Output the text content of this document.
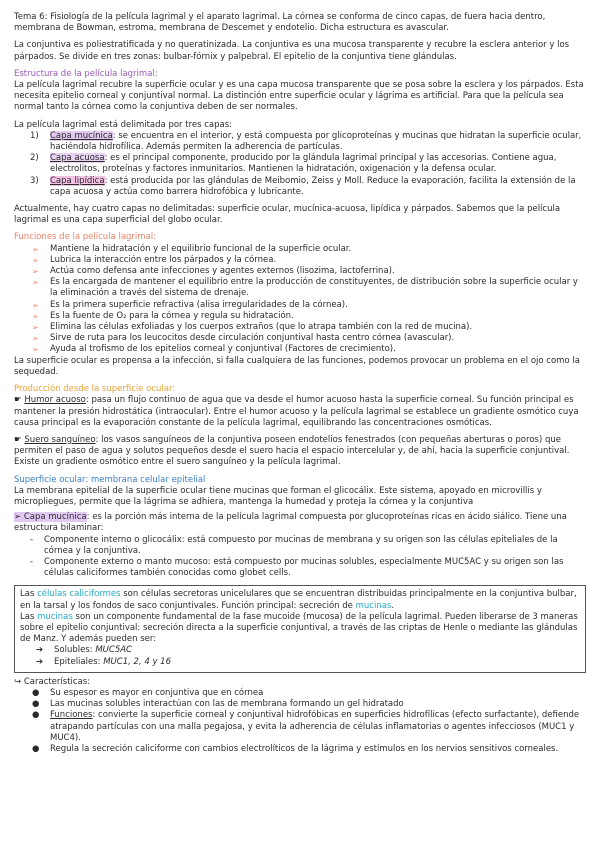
Tema 6: Fisiología de la película lagrimal y el aparato lagrimal. La córnea se conforma de cinco capas, de fuera hacia dentro, membrana de Bowman, estroma, membrana de Descemet y endotelio. Dicha estructura es avascular.

La conjuntiva es poliestratificada y no queratinizada. La conjuntiva es una mucosa transparente y recubre la esclera anterior y los párpados. Se divide en tres zonas: bulbar-fórnix y palpebral. El epitelio de la conjuntiva tiene glándulas.

Estructura de la película lagrimal:

La película lagrimal recubre la superficie ocular y es una capa mucosa transparente que se posa sobre la esclera y los párpados. Esta necesita epitelio corneal y conjuntival normal. La distinción entre superficie ocular y lágrima es artificial. Para que la película sea normal tanto la córnea como la conjuntiva deben de ser normales.

La película lagrimal está delimitada por tres capas:
1) Capa mucínica: se encuentra en el interior, y está compuesta por glicoproteínas y mucinas que hidratan la superficie ocular, haciéndola hidrofílica. Además permiten la adherencia de partículas.
2) Capa acuosa: es el principal componente, producido por la glándula lagrimal principal y las accesorias. Contiene agua, electrolitos, proteínas y factores inmunitarios. Mantienen la hidratación, oxigenación y la defensa ocular.
3) Capa lipídica: está producida por las glándulas de Meibomio, Zeiss y Moll. Reduce la evaporación, facilita la extensión de la capa acuosa y actúa como barrera hidrofóbica y lubricante.

Actualmente, hay cuatro capas no delimitadas: superficie ocular, mucínica-acuosa, lipídica y párpados. Sabemos que la película lagrimal es una capa superficial del globo ocular.

Funciones de la película lagrimal:
➢ Mantiene la hidratación y el equilibrio funcional de la superficie ocular.
➢ Lubrica la interacción entre los párpados y la córnea.
➢ Actúa como defensa ante infecciones y agentes externos (lisozima, lactoferrina).
➢ Es la encargada de mantener el equilibrio entre la producción de constituyentes, de distribución sobre la superficie ocular y la eliminación a través del sistema de drenaje.
➢ Es la primera superficie refractiva (alisa irregularidades de la córnea).
➢ Es la fuente de O₂ para la córnea y regula su hidratación.
➢ Elimina las células exfoliadas y los cuerpos extraños (que lo atrapa también con la red de mucina).
➢ Sirve de ruta para los leucocitos desde circulación conjuntival hasta centro córnea (avascular).
➢ Ayuda al trofismo de los epitelios corneal y conjuntival (Factores de crecimiento).

La superficie ocular es propensa a la infección, si falla cualquiera de las funciones, podemos provocar un problema en el ojo como la sequedad.

Producción desde la superficie ocular:

☛ Humor acuoso: pasa un flujo continuo de agua que va desde el humor acuoso hasta la superficie corneal. Su función principal es mantener la presión hidrostática (intraocular). Entre el humor acuoso y la película lagrimal se establece un gradiente osmótico cuya causa principal es la evaporación constante de la película lagrimal, equilibrando las concentraciones osmóticas.

☛ Suero sanguíneo: los vasos sanguíneos de la conjuntiva poseen endotelios fenestrados (con pequeñas aberturas o poros) que permiten el paso de agua y solutos pequeños desde el suero hacia el espacio intercelular y, de ahí, hacia la superficie conjuntival. Existe un gradiente osmótico entre el suero sanguíneo y la película lagrimal.

Superficie ocular: membrana celular epitelial

La membrana epitelial de la superficie ocular tiene mucinas que forman el glicocálix. Este sistema, apoyado en microvillis y micropliegues, permite que la lágrima se adhiera, mantenga la humedad y proteja la córnea y la conjuntiva

➢ Capa mucínica: es la porción más interna de la película lagrimal compuesta por glucoproteínas ricas en ácido siálico. Tiene una estructura bilaminar:
- Componente interno o glicocálix: está compuesto por mucinas de membrana y su origen son las células epiteliales de la córnea y la conjuntiva.
- Componente externo o manto mucoso: está compuesto por mucinas solubles, especialmente MUC5AC y su origen son las células caliciformes también conocidas como globet cells.

Las células caliciformes son células secretoras unicelulares que se encuentran distribuidas principalmente en la conjuntiva bulbar, en la tarsal y los fondos de saco conjuntivales. Función principal: secreción de mucinas.

Las mucinas son un componente fundamental de la fase mucoide (mucosa) de la película lagrimal. Pueden liberarse de 3 maneras sobre el epitelio conjuntival: secreción directa a la superficie conjuntival, a través de las criptas de Henle o mediante las glándulas de Manz. Y además pueden ser:

➔ Solubles: MUC5AC
➔ Epiteliales: MUC1, 2, 4 y 16
↪ Características:
● Su espesor es mayor en conjuntiva que en córnea
● Las mucinas solubles interactúan con las de membrana formando un gel hidratado
● Funciones: convierte la superficie corneal y conjuntival hidrofóbicas en superficies hidrofílicas (efecto surfactante), defiende atrapando partículas con una malla pegajosa, y evita la adherencia de células inflamatorias o agentes infecciosos (MUC1 y MUC4).
● Regula la secreción caliciforme con cambios electrolíticos de la lágrima y estímulos en los nervios sensitivos corneales.
